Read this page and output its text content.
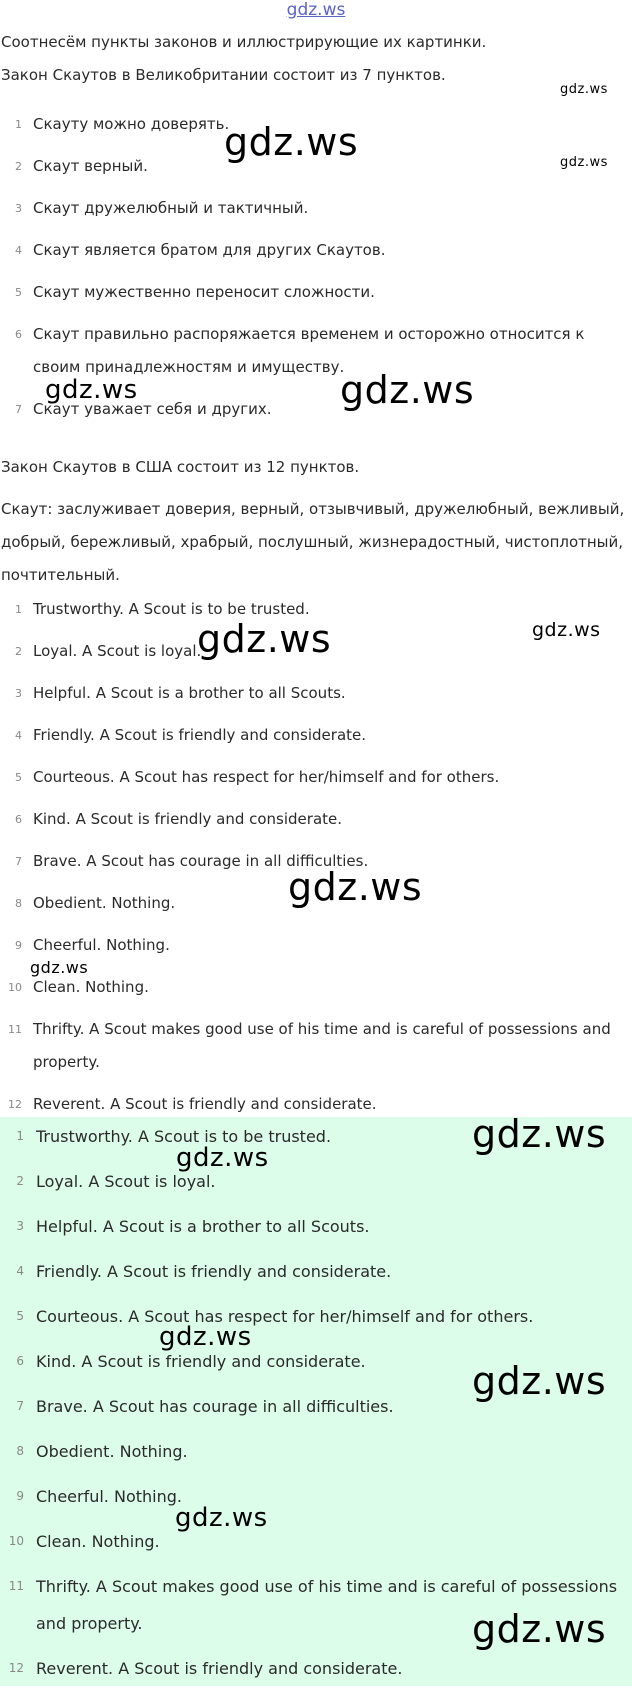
gdz.ws

Соотнесём пункты законов и иллюстрирующие их картинки.

Закон Скаутов в Великобритании состоит из 7 пунктов.

1 Скауту можно доверять.
2 Скаут верный.
3 Скаут дружелюбный и тактичный.
4 Скаут является братом для других Скаутов.
5 Скаут мужественно переносит сложности.
6 Скаут правильно распоряжается временем и осторожно относится к своим принадлежностям и имуществу.
7 Скаут уважает себя и других.

Закон Скаутов в США состоит из 12 пунктов.

Скаут: заслуживает доверия, верный, отзывчивый, дружелюбный, вежливый, добрый, бережливый, храбрый, послушный, жизнерадостный, чистоплотный, почтительный.

1 Trustworthy. A Scout is to be trusted.
2 Loyal. A Scout is loyal.
3 Helpful. A Scout is a brother to all Scouts.
4 Friendly. A Scout is friendly and considerate.
5 Courteous. A Scout has respect for her/himself and for others.
6 Kind. A Scout is friendly and considerate.
7 Brave. A Scout has courage in all difficulties.
8 Obedient. Nothing.
9 Cheerful. Nothing.
10 Clean. Nothing.
11 Thrifty. A Scout makes good use of his time and is careful of possessions and property.
12 Reverent. A Scout is friendly and considerate.
1 Trustworthy. A Scout is to be trusted.
2 Loyal. A Scout is loyal.
3 Helpful. A Scout is a brother to all Scouts.
4 Friendly. A Scout is friendly and considerate.
5 Courteous. A Scout has respect for her/himself and for others.
6 Kind. A Scout is friendly and considerate.
7 Brave. A Scout has courage in all difficulties.
8 Obedient. Nothing.
9 Cheerful. Nothing.
10 Clean. Nothing.
11 Thrifty. A Scout makes good use of his time and is careful of possessions and property.
12 Reverent. A Scout is friendly and considerate.
gdz.ws
gdz.ws	gdz.ws
gdz.ws	gdz.ws
gdz.ws
gdz.ws
gdz.ws
gdz.ws
gdz.ws
gdz.ws
gdz.ws
gdz.ws
gdz.ws
gdz.ws
